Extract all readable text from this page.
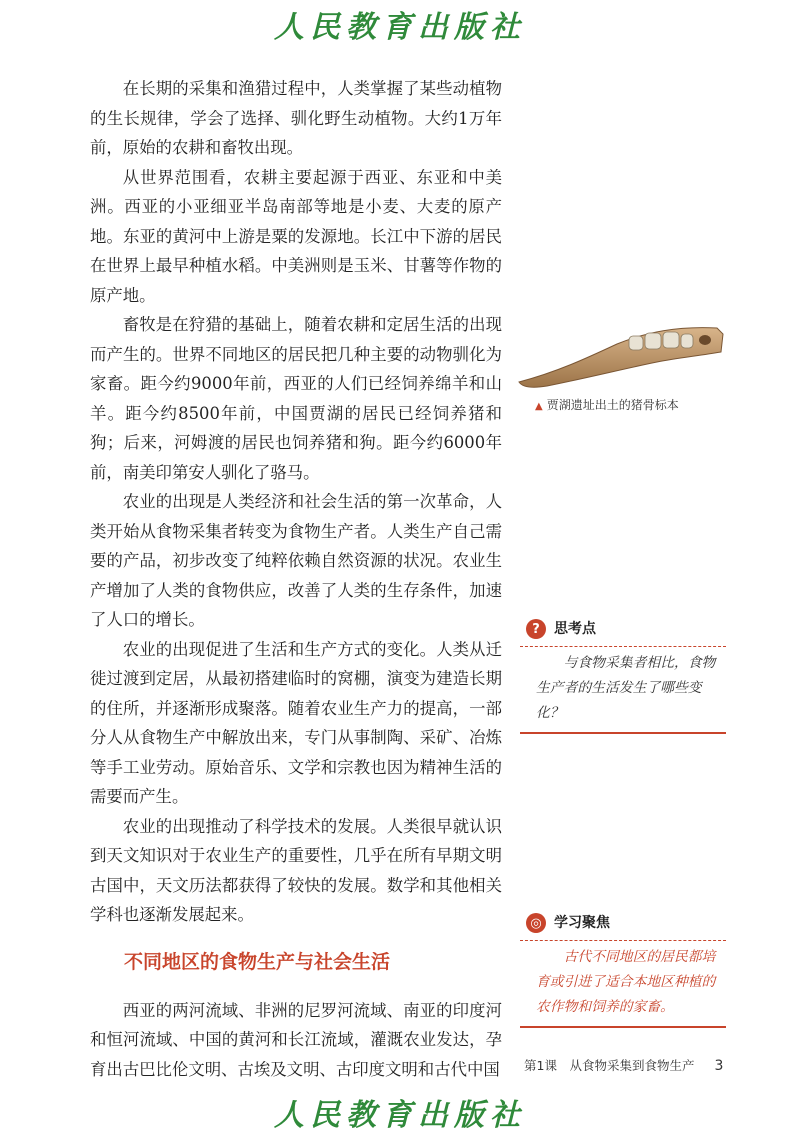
人民教育出版社

在长期的采集和渔猎过程中，人类掌握了某些动植物的生长规律，学会了选择、驯化野生动植物。大约1万年前，原始的农耕和畜牧出现。

从世界范围看，农耕主要起源于西亚、东亚和中美洲。西亚的小亚细亚半岛南部等地是小麦、大麦的原产地。东亚的黄河中上游是粟的发源地。长江中下游的居民在世界上最早种植水稻。中美洲则是玉米、甘薯等作物的原产地。

畜牧是在狩猎的基础上，随着农耕和定居生活的出现而产生的。世界不同地区的居民把几种主要的动物驯化为家畜。距今约9000年前，西亚的人们已经饲养绵羊和山羊。距今约8500年前，中国贾湖的居民已经饲养猪和狗；后来，河姆渡的居民也饲养猪和狗。距今约6000年前，南美印第安人驯化了骆马。

农业的出现是人类经济和社会生活的第一次革命，人类开始从食物采集者转变为食物生产者。人类生产自己需要的产品，初步改变了纯粹依赖自然资源的状况。农业生产增加了人类的食物供应，改善了人类的生存条件，加速了人口的增长。

农业的出现促进了生活和生产方式的变化。人类从迁徙过渡到定居，从最初搭建临时的窝棚，演变为建造长期的住所，并逐渐形成聚落。随着农业生产力的提高，一部分人从食物生产中解放出来，专门从事制陶、采矿、冶炼等手工业劳动。原始音乐、文学和宗教也因为精神生活的需要而产生。

农业的出现推动了科学技术的发展。人类很早就认识到天文知识对于农业生产的重要性，几乎在所有早期文明古国中，天文历法都获得了较快的发展。数学和其他相关学科也逐渐发展起来。

不同地区的食物生产与社会生活

西亚的两河流域、非洲的尼罗河流域、南亚的印度河和恒河流域、中国的黄河和长江流域，灌溉农业发达，孕育出古巴比伦文明、古埃及文明、古印度文明和古代中国

▲ 贾湖遗址出土的猪骨标本
?	思考点
与食物采集者相比，食物生产者的生活发生了哪些变化？
◎ 学习聚焦
古代不同地区的居民都培育或引进了适合本地区种植的农作物和饲养的家畜。
第1课　从食物采集到食物生产 3
人民教育出版社
